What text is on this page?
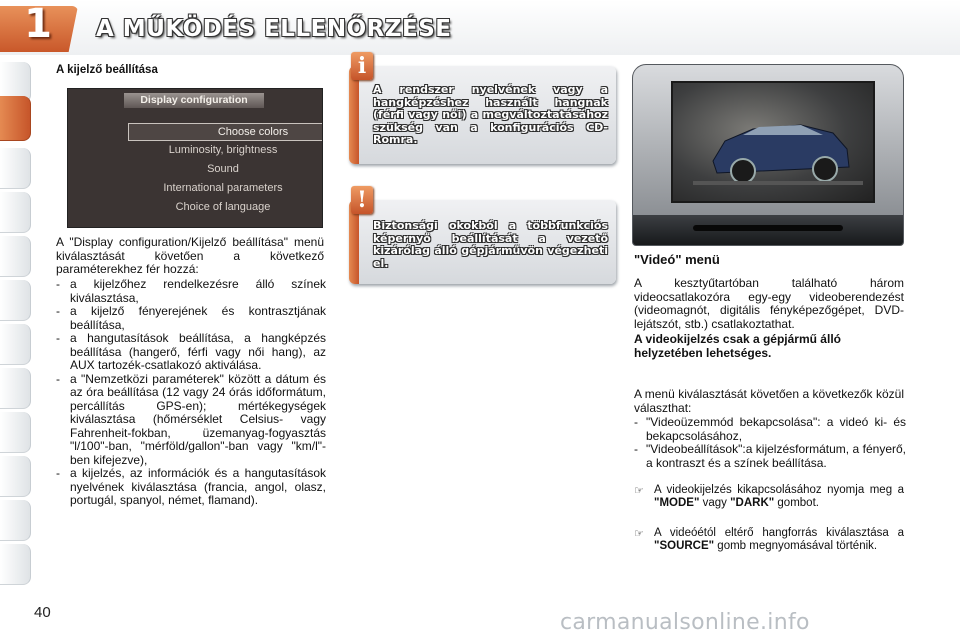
1 A MŰKÖDÉS ELLENŐRZÉSE
A kijelző beállítása
Display configuration
Choose colors
Luminosity, brightness
Sound
International parameters
Choice of language
A "Display configuration/Kijelző beállítása" menü kiválasztását követően a következő paraméterekhez fér hozzá:
- a kijelzőhez rendelkezésre álló színek kiválasztása,
- a kijelző fényerejének és kontrasztjának beállítása,
- a hangutasítások beállítása, a hangképzés beállítása (hangerő, férfi vagy női hang), az AUX tartozék-csatlakozó aktiválása.
- a "Nemzetközi paraméterek" között a dátum és az óra beállítása (12 vagy 24 órás időformátum, percállítás GPS-en); mértékegységek kiválasztása (hőmérséklet Celsius- vagy Fahrenheit-fokban, üzemanyag-fogyasztás "l/100"-ban, "mérföld/gallon"-ban vagy "km/l"-ben kifejezve),
- a kijelzés, az információk és a hangutasítások nyelvének kiválasztása (francia, angol, olasz, portugál, spanyol, német, flamand).
i
A rendszer nyelvének vagy a hangképzéshez használt hangnak (férfi vagy női) a megváltoztatásához szükség van a konfigurációs CD-Romra.
!
Biztonsági okokból a többfunkciós képernyő beállítását a vezető kizárólag álló gépjárművön végezheti el.	"Videó" menü
A kesztyűtartóban található három videocsatlakozóra egy-egy videoberendezést (videomagnót, digitális fényképezőgépet, DVD-lejátszót, stb.) csatlakoztathat.
A videokijelzés csak a gépjármű álló helyzetében lehetséges.
A menü kiválasztását követően a következők közül választhat:
- "Videoüzemmód bekapcsolása": a videó ki- és bekapcsolásához,
- "Videobeállítások":a kijelzésformátum, a fényerő, a kontraszt és a színek beállítása.
☞ A videokijelzés kikapcsolásához nyomja meg a "MODE" vagy "DARK" gombot.
☞ A videóétól eltérő hangforrás kiválasztása a "SOURCE" gomb megnyomásával történik.
40	carmanualsonline.info
